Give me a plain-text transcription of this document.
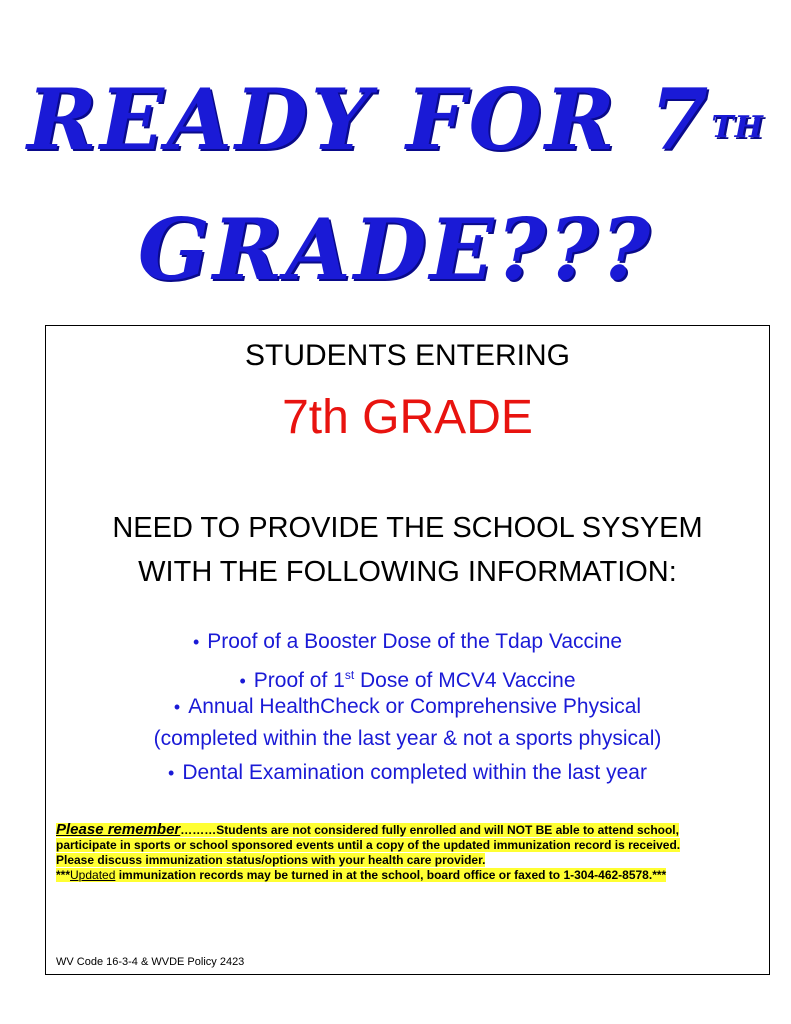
READY FOR 7TH
GRADE???
STUDENTS ENTERING
7th GRADE
NEED TO PROVIDE THE SCHOOL SYSYEM
WITH THE FOLLOWING INFORMATION:
• Proof of a Booster Dose of the Tdap Vaccine
• Proof of 1st Dose of MCV4 Vaccine
• Annual HealthCheck or Comprehensive Physical
(completed within the last year & not a sports physical)
• Dental Examination completed within the last year
Please remember………Students are not considered fully enrolled and will NOT BE able to attend school,
participate in sports or school sponsored events until a copy of the updated immunization record is received.
Please discuss immunization status/options with your health care provider.
***Updated immunization records may be turned in at the school, board office or faxed to 1-304-462-8578.***
WV Code 16-3-4 & WVDE Policy 2423
